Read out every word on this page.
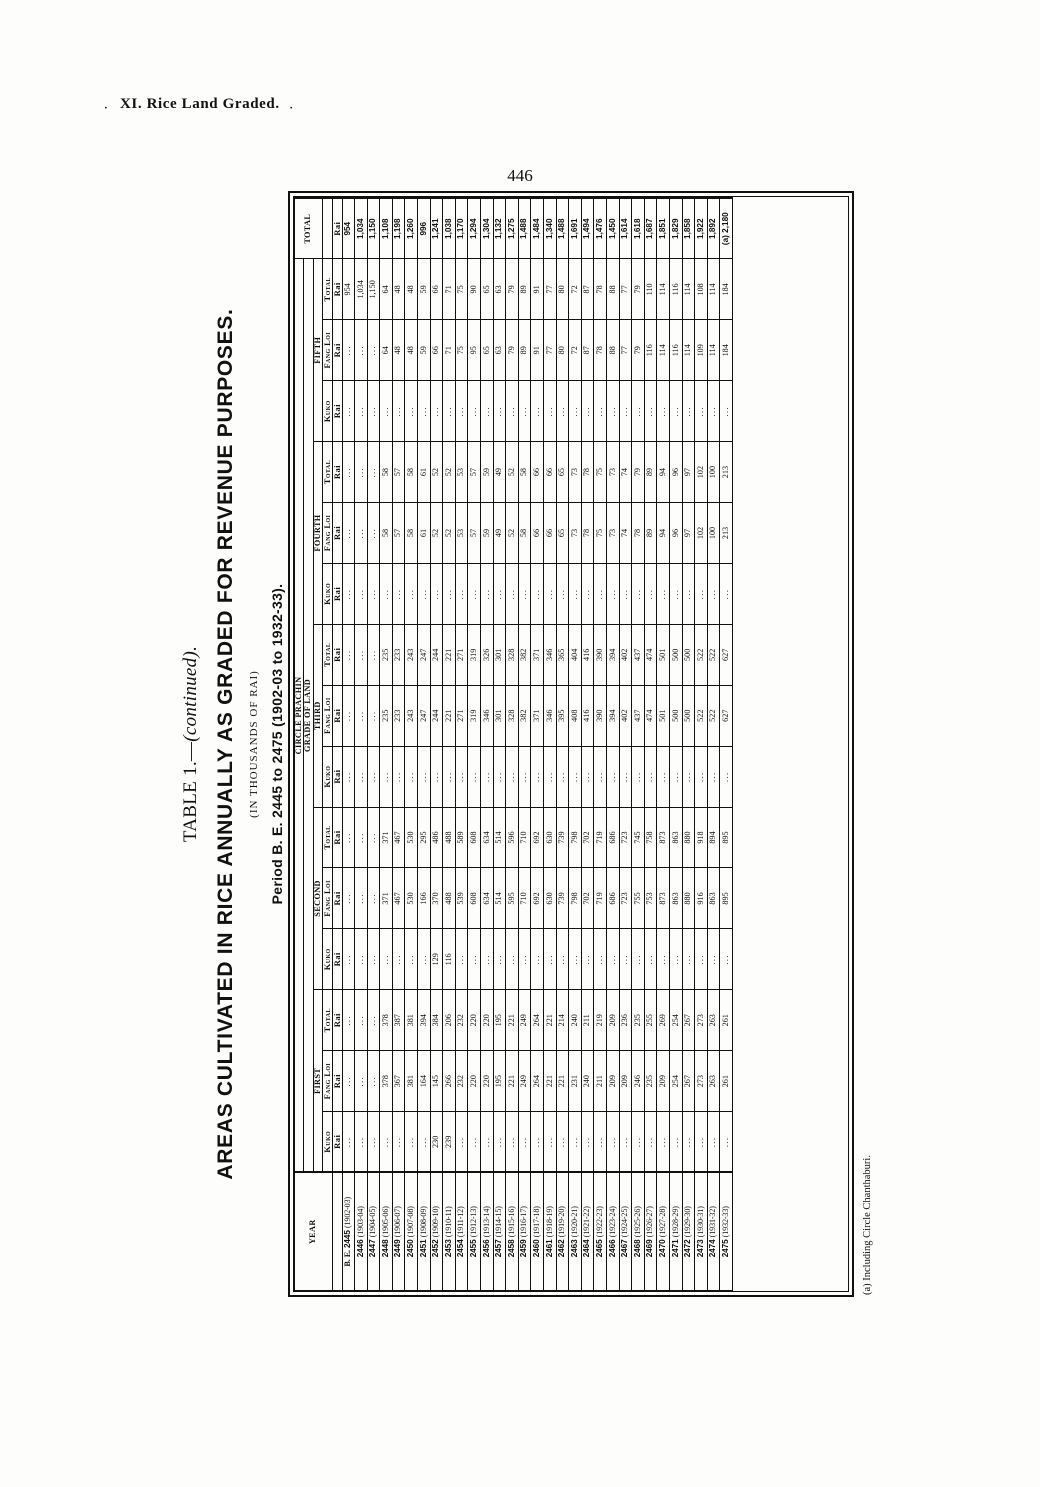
· XI. Rice Land Graded. ·
446
TABLE 1.—(continued). AREAS CULTIVATED IN RICE ANNUALLY AS GRADED FOR REVENUE PURPOSES. (IN THOUSANDS OF RAI) Period B. E. 2445 to 2475 (1902-03 to 1932-33).
YEAR	CIRCLE PRACHIN															TOTAL
	GRADE OF LAND															
	FIRST			SECOND			THIRD			FOURTH			FIFTH			
	Kuko	Fang Loi	Total	Kuko	Fang Loi	Total	Kuko	Fang Loi	Total	Kuko	Fang Loi	Total	Kuko	Fang Loi	Total	
	Rai	Rai	Rai	Rai	Rai	Rai	Rai	Rai	Rai	Rai	Rai	Rai	Rai	Rai	Rai	Rai
B. E. 2445 (1902-03)	...	...	...	...	...	...	...	...	...	...	...	...	...	...	954	954
2446 (1903-04)	...	...	...	...	...	...	...	...	...	...	...	...	...	...	1,034	1,034
2447 (1904-05)	...	...	...	...	...	...	...	...	...	...	...	...	...	...	1,150	1,150
2448 (1905-06)	...	378	378	...	371	371	...	235	235	...	58	58	...	64	64	1,108
2449 (1906-07)	...	367	387	...	467	467	...	233	233	...	57	57	...	48	48	1,198
2450 (1907-08)	...	381	381	...	530	530	...	243	243	...	58	58	...	48	48	1,260
2451 (1908-09)	...	164	394	...	166	295	...	247	247	...	61	61	...	59	59	996
2452 (1909-10)	230	145	384	129	370	486	...	244	244	...	52	52	...	66	66	1,241
2453 (1910-11)	239	266	206	116	488	488	...	221	221	...	52	52	...	71	71	1,038
2454 (1911-12)	...	232	232	...	539	589	...	271	271	...	53	53	...	75	75	1,170
2455 (1912-13)	...	220	220	...	608	608	...	319	319	...	57	57	...	95	90	1,294
2456 (1913-14)	...	220	220	...	634	634	...	346	326	...	59	59	...	65	65	1,304
2457 (1914-15)	...	195	195	...	514	514	...	301	301	...	49	49	...	63	63	1,132
2458 (1915-16)	...	221	221	...	595	596	...	328	328	...	52	52	...	79	79	1,275
2459 (1916-17)	...	249	249	...	710	710	...	382	382	...	58	58	...	89	89	1,488
2460 (1917-18)	...	264	264	...	692	692	...	371	371	...	66	66	...	91	91	1,484
2461 (1918-19)	...	221	221	...	630	630	...	346	346	...	66	66	...	77	77	1,340
2462 (1919-20)	...	221	214	...	739	739	...	395	365	...	65	65	...	80	80	1,488
2463 (1920-21)	...	231	240	...	798	798	...	408	404	...	73	73	...	72	72	1,691
2464 (1921-22)	...	240	211	...	702	702	...	416	416	...	78	78	...	87	87	1,494
2465 (1922-23)	...	211	219	...	719	719	...	390	390	...	75	75	...	78	78	1,476
2466 (1923-24)	...	209	209	...	686	686	...	394	394	...	73	73	...	88	88	1,450
2467 (1924-25)	...	209	236	...	723	723	...	402	402	...	74	74	...	77	77	1,614
2468 (1925-26)	...	246	235	...	755	745	...	437	437	...	78	79	...	79	79	1,618
2469 (1926-27)	...	235	255	...	753	758	...	474	474	...	89	89	...	116	110	1,687
2470 (1927-28)	...	209	269	...	873	873	...	501	501	...	94	94	...	114	114	1,851
2471 (1928-29)	...	254	254	...	863	863	...	500	500	...	96	96	...	116	116	1,829
2472 (1929-30)	...	267	267	...	880	880	...	500	500	...	97	97	...	114	114	1,858
2473 (1930-31)	...	273	273	...	916	918	...	522	522	...	102	102	...	109	108	1,922
2474 (1931-32)	...	263	263	...	863	894	...	522	522	...	100	100	...	114	114	1,892
2475 (1932-33)	...	261	261	...	895	895	...	627	627	...	213	213	...	184	184	(a) 2,180
(a) Including Circle Chanthaburi.
